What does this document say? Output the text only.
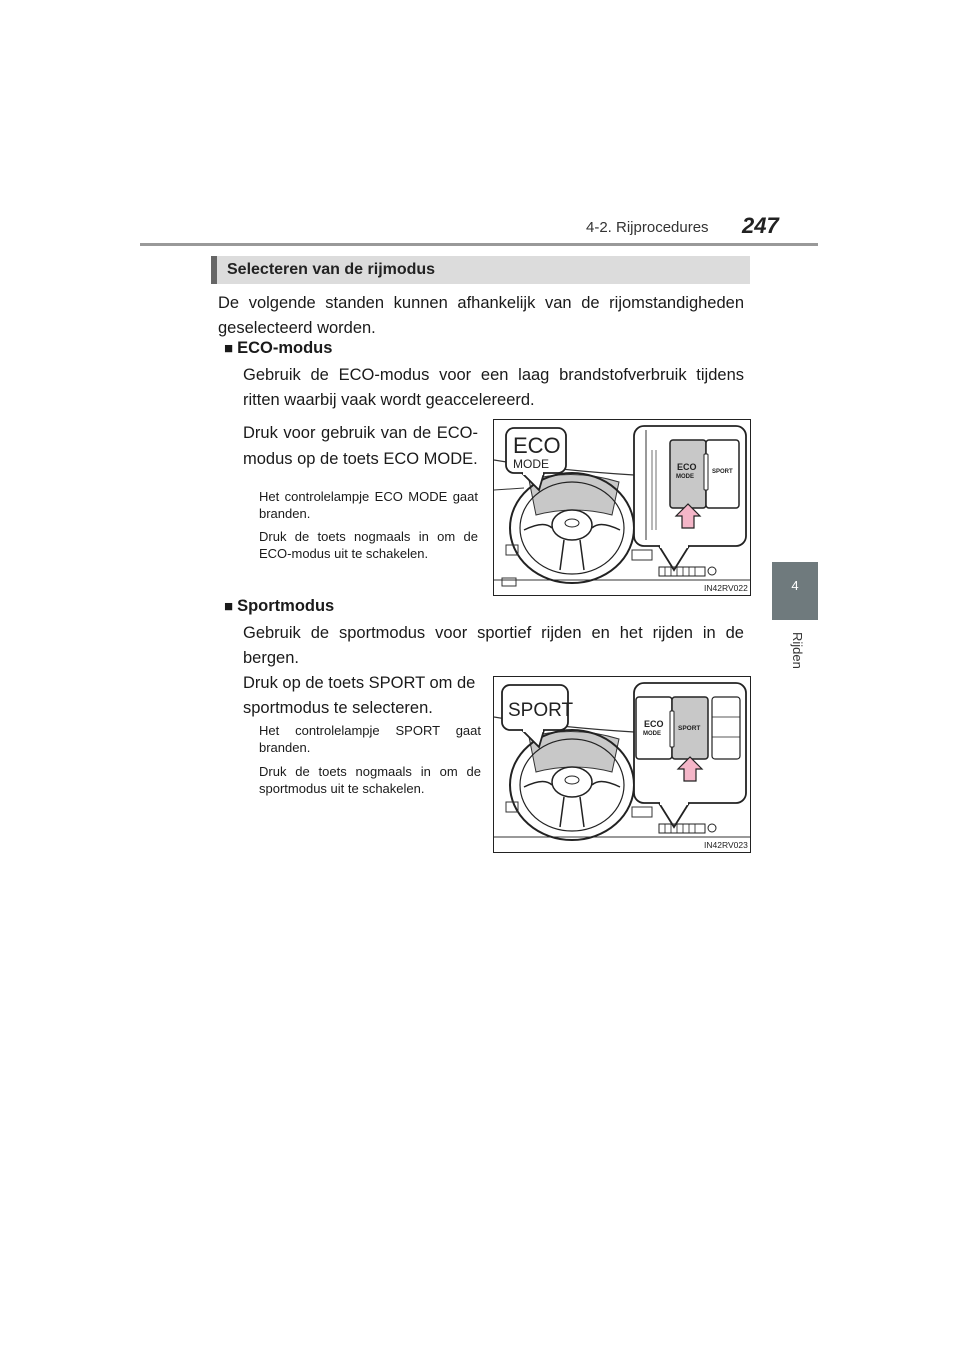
4-2. Rijprocedures 247
4
Rijden
Selecteren van de rijmodus
De volgende standen kunnen afhankelijk van de rijomstandigheden geselecteerd worden.
■ ECO-modus
Gebruik de ECO-modus voor een laag brandstofverbruik tijdens ritten waarbij vaak wordt geaccelereerd.
Druk voor gebruik van de ECO-modus op de toets ECO MODE.
Het controlelampje ECO MODE gaat branden.
Druk de toets nogmaals in om de ECO-modus uit te schakelen.
ECO
MODE	ECO
MODE
SPORT
IN42RV022
■ Sportmodus
Gebruik de sportmodus voor sportief rijden en het rijden in de bergen.
Druk op de toets SPORT om de sportmodus te selecteren.
Het controlelampje SPORT gaat branden.
Druk de toets nogmaals in om de sportmodus uit te schakelen.
SPORT
ECO
MODE
SPORT
IN42RV023
